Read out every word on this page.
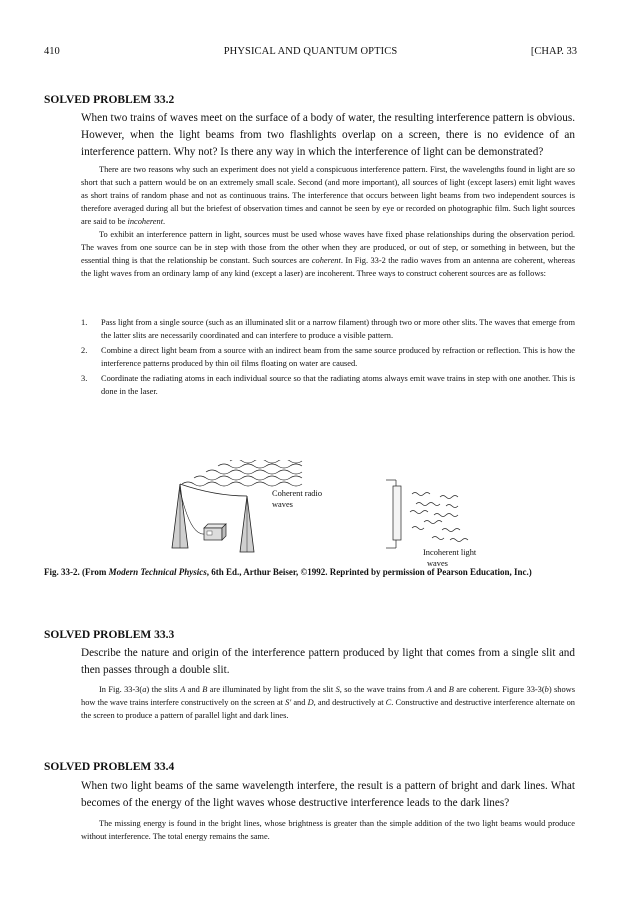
410	PHYSICAL AND QUANTUM OPTICS	[CHAP. 33
SOLVED PROBLEM 33.2
When two trains of waves meet on the surface of a body of water, the resulting interference pattern is obvious. However, when the light beams from two flashlights overlap on a screen, there is no evidence of an interference pattern. Why not? Is there any way in which the interference of light can be demonstrated?

There are two reasons why such an experiment does not yield a conspicuous interference pattern. First, the wavelengths found in light are so short that such a pattern would be on an extremely small scale. Second (and more important), all sources of light (except lasers) emit light waves as short trains of random phase and not as continuous trains. The interference that occurs between light beams from two independent sources is therefore averaged during all but the briefest of observation times and cannot be seen by eye or recorded on photographic film. Such light sources are said to be incoherent.

To exhibit an interference pattern in light, sources must be used whose waves have fixed phase relationships during the observation period. The waves from one source can be in step with those from the other when they are produced, or out of step, or something in between, but the essential thing is that the relationship be constant. Such sources are coherent. In Fig. 33-2 the radio waves from an antenna are coherent, whereas the light waves from an ordinary lamp of any kind (except a laser) are incoherent. Three ways to construct coherent sources are as follows:

1. Pass light from a single source (such as an illuminated slit or a narrow filament) through two or more other slits. The waves that emerge from the latter slits are necessarily coordinated and can interfere to produce a visible pattern.
2. Combine a direct light beam from a source with an indirect beam from the same source produced by refraction or reflection. This is how the interference patterns produced by thin oil films floating on water are caused.
3. Coordinate the radiating atoms in each individual source so that the radiating atoms always emit wave trains in step with one another. This is done in the laser.
Coherent radio
waves
Incoherent light
waves
Fig. 33-2. (From Modern Technical Physics, 6th Ed., Arthur Beiser, ©1992. Reprinted by permission of Pearson Education, Inc.)
SOLVED PROBLEM 33.3
Describe the nature and origin of the interference pattern produced by light that comes from a single slit and then passes through a double slit.

In Fig. 33-3(a) the slits A and B are illuminated by light from the slit S, so the wave trains from A and B are coherent. Figure 33-3(b) shows how the wave trains interfere constructively on the screen at S′ and D, and destructively at C. Constructive and destructive interference alternate on the screen to produce a pattern of parallel light and dark lines.

SOLVED PROBLEM 33.4
When two light beams of the same wavelength interfere, the result is a pattern of bright and dark lines. What becomes of the energy of the light waves whose destructive interference leads to the dark lines?

The missing energy is found in the bright lines, whose brightness is greater than the simple addition of the two light beams would produce without interference. The total energy remains the same.
